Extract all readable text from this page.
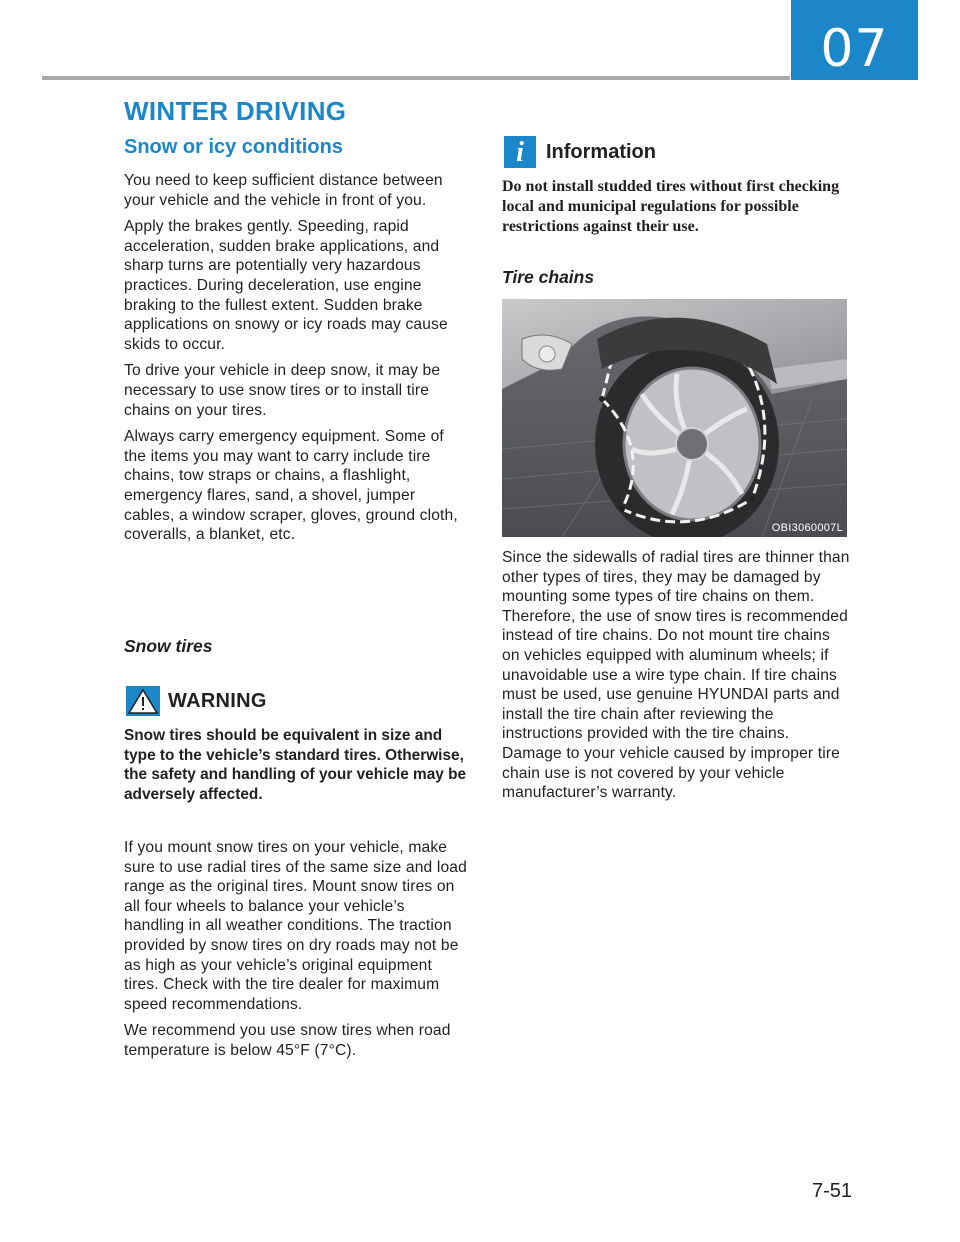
07
WINTER DRIVING
Snow or icy conditions

You need to keep sufficient distance between your vehicle and the vehicle in front of you.

Apply the brakes gently. Speeding, rapid acceleration, sudden brake applications, and sharp turns are potentially very hazardous practices. During deceleration, use engine braking to the fullest extent. Sudden brake applications on snowy or icy roads may cause skids to occur.

To drive your vehicle in deep snow, it may be necessary to use snow tires or to install tire chains on your tires.

Always carry emergency equipment. Some of the items you may want to carry include tire chains, tow straps or chains, a flashlight, emergency flares, sand, a shovel, jumper cables, a window scraper, gloves, ground cloth, coveralls, a blanket, etc.

Snow tires

WARNING

Snow tires should be equivalent in size and type to the vehicle’s standard tires. Otherwise, the safety and handling of your vehicle may be adversely affected.

If you mount snow tires on your vehicle, make sure to use radial tires of the same size and load range as the original tires. Mount snow tires on all four wheels to balance your vehicle’s handling in all weather conditions. The traction provided by snow tires on dry roads may not be as high as your vehicle’s original equipment tires. Check with the tire dealer for maximum speed recommendations.

We recommend you use snow tires when road temperature is below 45°F (7°C).

i	Information

Do not install studded tires without first checking local and municipal regulations for possible restrictions against their use.

Tire chains

OBI3060007L

Since the sidewalls of radial tires are thinner than other types of tires, they may be damaged by mounting some types of tire chains on them. Therefore, the use of snow tires is recommended instead of tire chains. Do not mount tire chains on vehicles equipped with aluminum wheels; if unavoidable use a wire type chain. If tire chains must be used, use genuine HYUNDAI parts and install the tire chain after reviewing the instructions provided with the tire chains. Damage to your vehicle caused by improper tire chain use is not covered by your vehicle manufacturer’s warranty.

7-51
